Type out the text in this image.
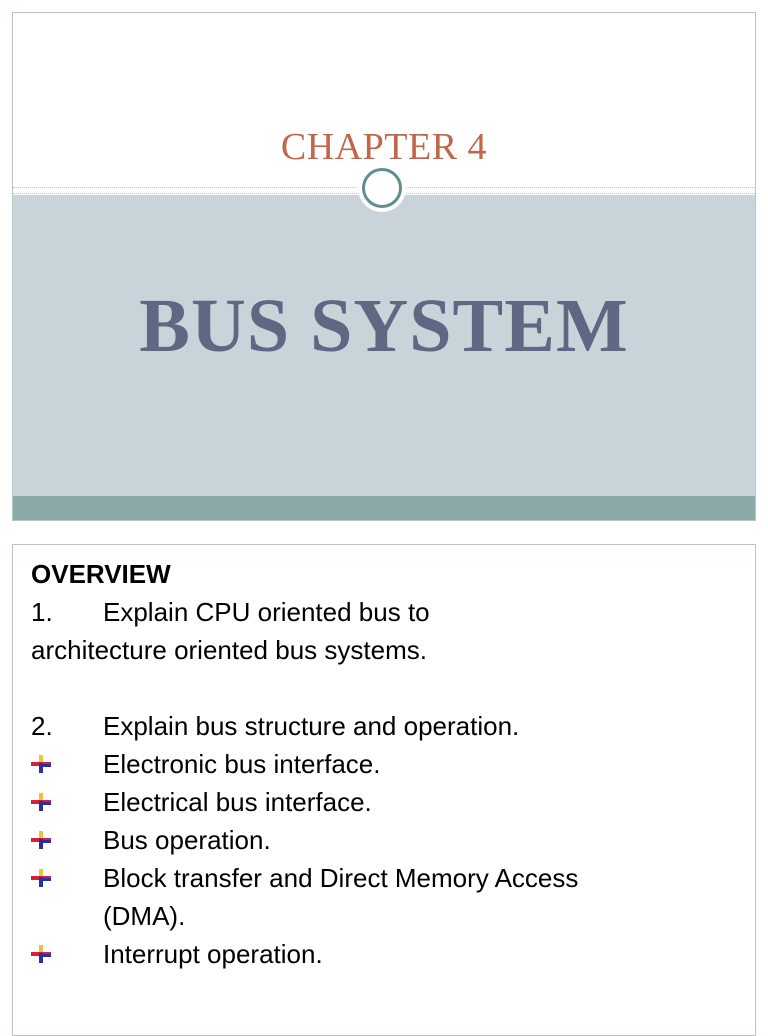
CHAPTER 4
BUS SYSTEM
OVERVIEW
1.	Explain CPU oriented bus to
architecture oriented bus systems.
2.	Explain bus structure and operation.
Electronic bus interface.
Electrical bus interface.
Bus operation.
Block transfer and Direct Memory Access
(DMA).
Interrupt operation.
